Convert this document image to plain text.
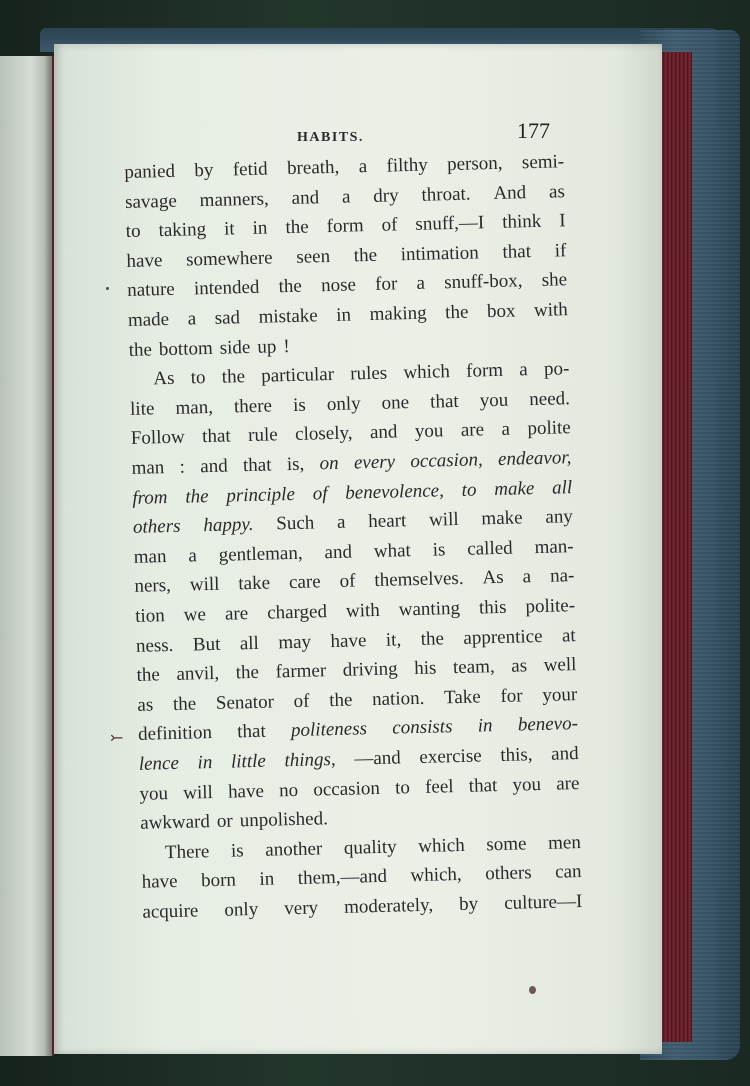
HABITS.	177
⤚
panied by fetid breath, a filthy person, semi-
savage manners, and a dry throat. And as
to taking it in the form of snuff,—I think I
have somewhere seen the intimation that if
nature intended the nose for a snuff-box, she
made a sad mistake in making the box with
the bottom side up !
As to the particular rules which form a po-
lite man, there is only one that you need.
Follow that rule closely, and you are a polite
man : and that is, on every occasion, endeavor,
from the principle of benevolence, to make all
others happy. Such a heart will make any
man a gentleman, and what is called man-
ners, will take care of themselves. As a na-
tion we are charged with wanting this polite-
ness. But all may have it, the apprentice at
the anvil, the farmer driving his team, as well
as the Senator of the nation. Take for your
definition that politeness consists in benevo-
lence in little things, —and exercise this, and
you will have no occasion to feel that you are
awkward or unpolished.
There is another quality which some men
have born in them,—and which, others can
acquire only very moderately, by culture—I
